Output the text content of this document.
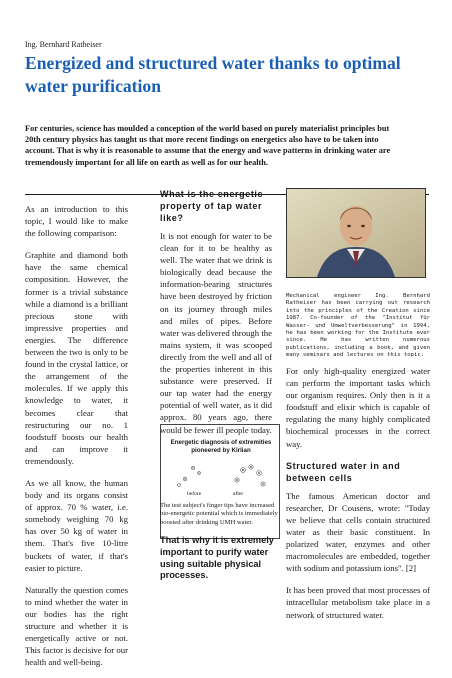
Ing. Bernhard Ratheiser
Energized and structured water thanks to optimal water purification

For centuries, science has moulded a conception of the world based on purely materialist principles but 20th century physics has taught us that more recent findings on energetics also have to be taken into account. That is why it is reasonable to assume that the energy and wave patterns in drinking water are tremendously important for all life on earth as well as for our health.

As an introduction to this topic, I would like to make the following comparison:

Graphite and diamond both have the same chemical composition. However, the former is a trivial substance while a diamond is a brilliant precious stone with impressive properties and energies. The difference between the two is only to be found in the crystal lattice, or the arrangement of the molecules. If we apply this knowledge to water, it becomes clear that restructuring our no. 1 foodstuff boosts our health and can improve it tremendously.

As we all know, the human body and its organs consist of approx. 70 % water, i.e. somebody weighing 70 kg has over 50 kg of water in them. That's five 10-litre buckets of water, if that's easier to picture.

Naturally the question comes to mind whether the water in our bodies has the right structure and whether it is energetically active or not. This factor is decisive for our health and well-being.

What is the energetic property of tap water like?

It is not enough for water to be clean for it to be healthy as well. The water that we drink is biologically dead because the information-bearing structures have been destroyed by friction on its journey through miles and miles of pipes. Before water was delivered through the mains system, it was scooped directly from the well and all of the properties inherent in this substance were preserved. If our tap water had the energy potential of well water, as it did approx. 80 years ago, there would be fewer ill people today.

Energetic diagnosis of extremities pioneered by Kirlian
before	after
The test subject's finger tips have increased bio-energetic potential which is immediately boosted after drinking UMH water.
That is why it is extremely important to purify water using suitable physical processes.
Mechanical engineer Ing. Bernhard Ratheiser has been carrying out research into the principles of the Creation since 1987. Co-founder of the "Institut für Wasser- und Umweltverbesserung" in 1994, he has been working for the Institute ever since. He has written numerous publications, including a book, and given many seminars and lectures on this topic.

For only high-quality energized water can perform the important tasks which our organism requires. Only then is it a foodstuff and elixir which is capable of regulating the many highly complicated biochemical processes in the correct way.

Structured water in and between cells

The famous American doctor and researcher, Dr Cousens, wrote: "Today we believe that cells contain structured water as their basic constituent. In polarized water, enzymes and other macromolecules are embedded, together with sodium and potassium ions". [2]

It has been proved that most processes of intracellular metabolism take place in a network of structured water.
